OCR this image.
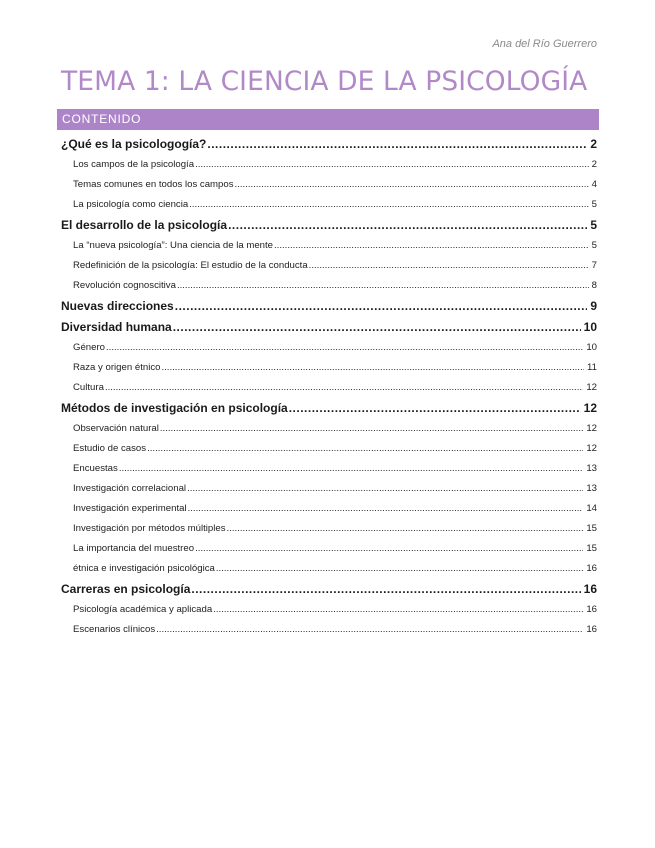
Ana del Río Guerrero
TEMA 1: LA CIENCIA DE LA PSICOLOGÍA
CONTENIDO
¿Qué es la psicologogía? .....	2
Los campos de la psicología .....	2
Temas comunes en todos los campos .....	4
La psicología como ciencia .....	5
El desarrollo de la psicología .....	5
La “nueva psicología”: Una ciencia de la mente .....	5
Redefinición de la psicología: El estudio de la conducta .....	7
Revolución cognoscitiva .....	8
Nuevas direcciones .....	9
Diversidad humana .....	10
Género .....	10
Raza y origen étnico .....	11
Cultura .....	12
Métodos de investigación en psicología .....	12
Observación natural .....	12
Estudio de casos .....	12
Encuestas .....	13
Investigación correlacional .....	13
Investigación experimental .....	14
Investigación por métodos múltiples .....	15
La importancia del muestreo .....	15
étnica e investigación psicológica .....	16
Carreras en psicología .....	16
Psicología académica y aplicada .....	16
Escenarios clínicos .....	16
